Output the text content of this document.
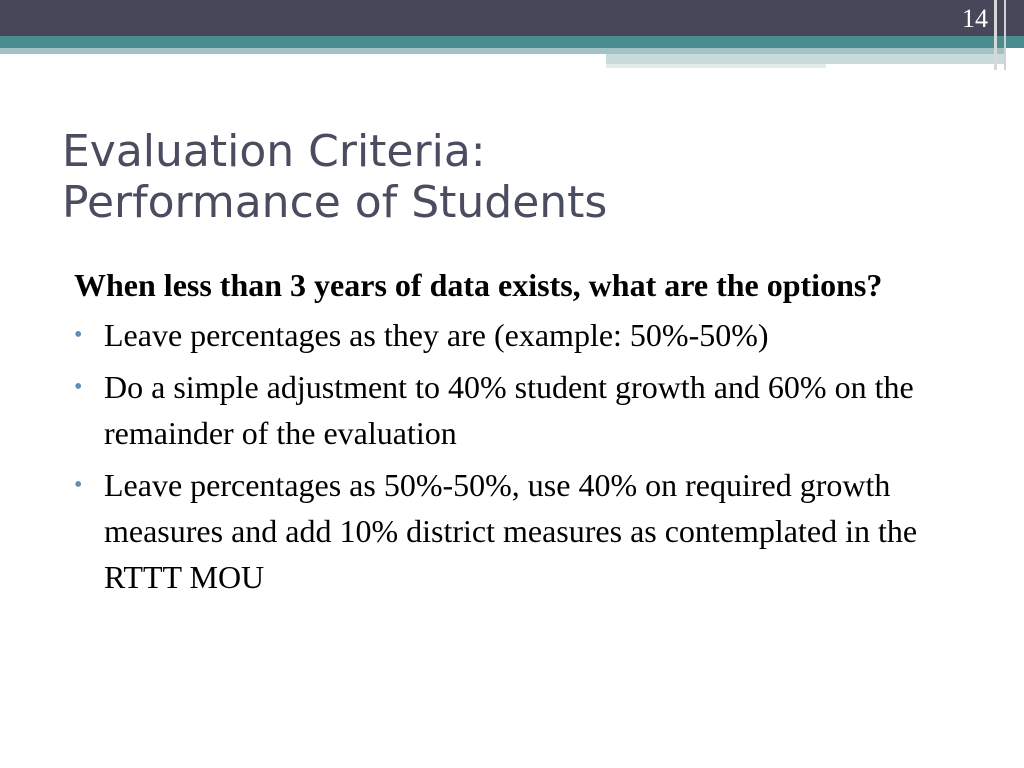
14
Evaluation Criteria:
Performance of Students

When less than 3 years of data exists, what are the options?

• Leave percentages as they are (example: 50%-50%)
• Do a simple adjustment to 40% student growth and 60% on the remainder of the evaluation
• Leave percentages as 50%-50%, use 40% on required growth measures and add 10% district measures as contemplated in the RTTT MOU
